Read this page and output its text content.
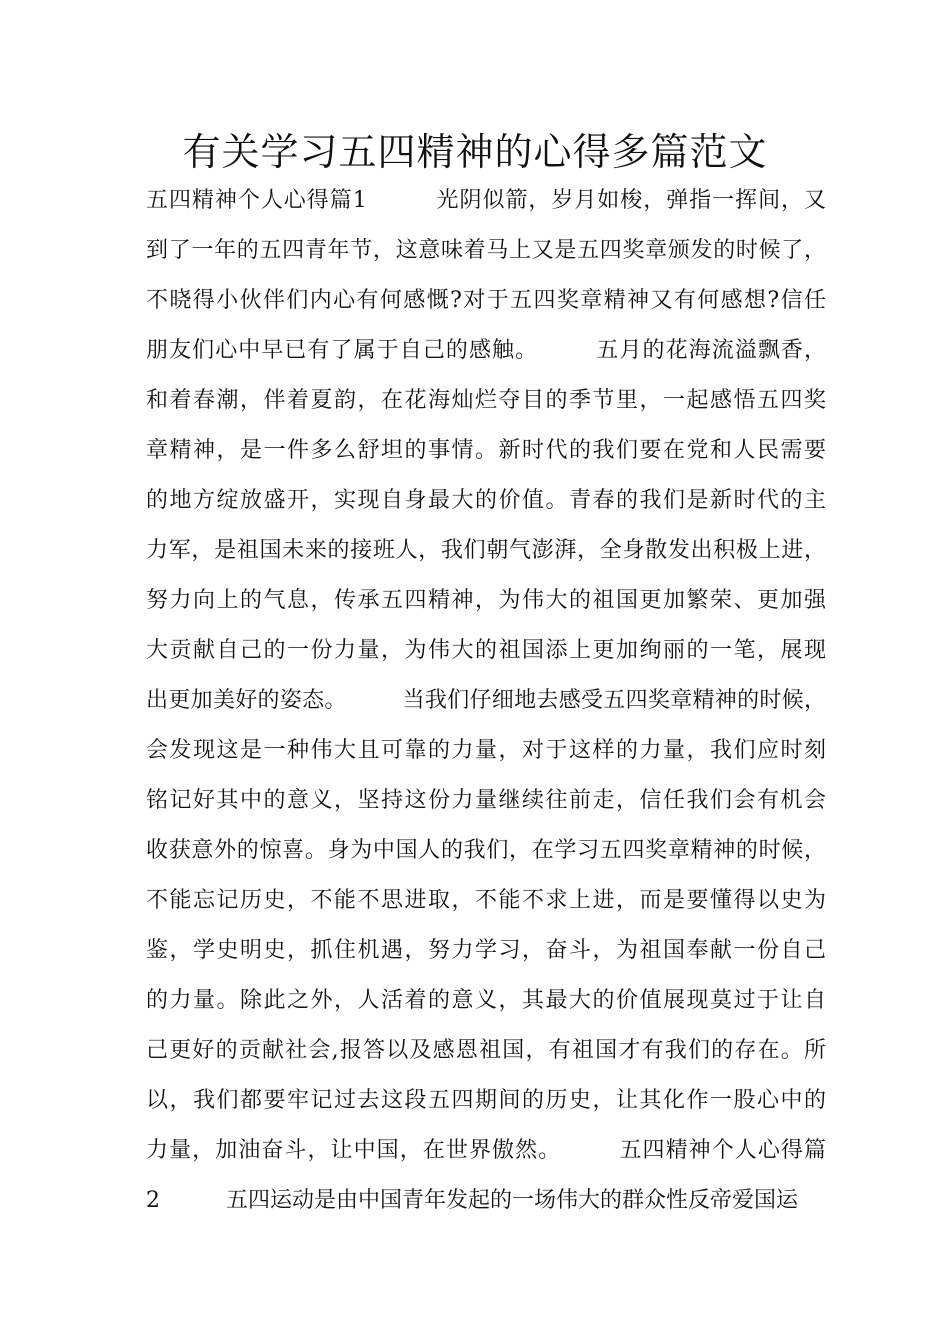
有关学习五四精神的心得多篇范文
五四精神个人心得篇1　　　光阴似箭，岁月如梭，弹指一挥间，又
到了一年的五四青年节，这意味着马上又是五四奖章颁发的时候了，
不晓得小伙伴们内心有何感慨?对于五四奖章精神又有何感想?信任
朋友们心中早已有了属于自己的感触。　　　五月的花海流溢飘香，
和着春潮，伴着夏韵，在花海灿烂夺目的季节里，一起感悟五四奖
章精神，是一件多么舒坦的事情。新时代的我们要在党和人民需要
的地方绽放盛开，实现自身最大的价值。青春的我们是新时代的主
力军，是祖国未来的接班人，我们朝气澎湃，全身散发出积极上进，
努力向上的气息，传承五四精神，为伟大的祖国更加繁荣、更加强
大贡献自己的一份力量，为伟大的祖国添上更加绚丽的一笔，展现
出更加美好的姿态。　　　当我们仔细地去感受五四奖章精神的时候，
会发现这是一种伟大且可靠的力量，对于这样的力量，我们应时刻
铭记好其中的意义，坚持这份力量继续往前走，信任我们会有机会
收获意外的惊喜。身为中国人的我们，在学习五四奖章精神的时候，
不能忘记历史，不能不思进取，不能不求上进，而是要懂得以史为
鉴，学史明史，抓住机遇，努力学习，奋斗，为祖国奉献一份自己
的力量。除此之外，人活着的意义，其最大的价值展现莫过于让自
己更好的贡献社会,报答以及感恩祖国，有祖国才有我们的存在。所
以，我们都要牢记过去这段五四期间的历史，让其化作一股心中的
力量，加油奋斗，让中国，在世界傲然。　　　五四精神个人心得篇
2　　　五四运动是由中国青年发起的一场伟大的群众性反帝爱国运
